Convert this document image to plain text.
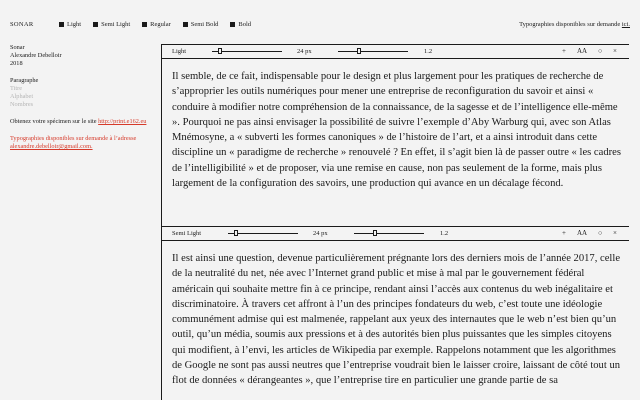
SONAR	Light	Semi Light	Regular	Semi Bold	Bold	Typographies disponibles sur demande ici.
Sonar
Alexandre Debelloir
2018
Paragraphe
Titre
Alphabet
Nombres
Obtenez votre spécimen sur le site http://print.e162.eu
Typographies disponibles sur demande à l’adresse
alexandre.debelloir@gmail.com.
Light	24 px	1.2	+ AA ○ ×
Il semble, de ce fait, indispensable pour le design et plus largement pour les pratiques de recherche de s’approprier les outils numériques pour mener une entreprise de reconfiguration du savoir et ainsi « conduire à modifier notre compréhension de la connaissance, de la sagesse et de l’intelligence elle-même ». Pourquoi ne pas ainsi envisager la possibilité de suivre l’exemple d’Aby Warburg qui, avec son Atlas Mnémosyne, a « subverti les formes canoniques » de l’histoire de l’art, et a ainsi introduit dans cette discipline un « paradigme de recherche » renouvelé ? En effet, il s’agit bien là de passer outre « les cadres de l’intelligibilité » et de proposer, via une remise en cause, non pas seulement de la forme, mais plus largement de la configuration des savoirs, une production qui avance en un décalage fécond.
Semi Light	24 px	1.2	+ AA ○ ×
Il est ainsi une question, devenue particulièrement prégnante lors des derniers mois de l’année 2017, celle de la neutralité du net, née avec l’Internet grand public et mise à mal par le gouvernement fédéral américain qui souhaite mettre fin à ce principe, rendant ainsi l’accès aux contenus du web inégalitaire et discriminatoire. À travers cet affront à l’un des principes fondateurs du web, c’est toute une idéologie communément admise qui est malmenée, rappelant aux yeux des internautes que le web n’est bien qu’un outil, qu’un média, soumis aux pressions et à des autorités bien plus puissantes que les simples citoyens qui modifient, à l’envi, les articles de Wikipedia par exemple. Rappelons notamment que les algorithmes de Google ne sont pas aussi neutres que l’entreprise voudrait bien le laisser croire, laissant de côté tout un flot de données « dérangeantes », que l’entreprise tire en particulier une grande partie de sa
